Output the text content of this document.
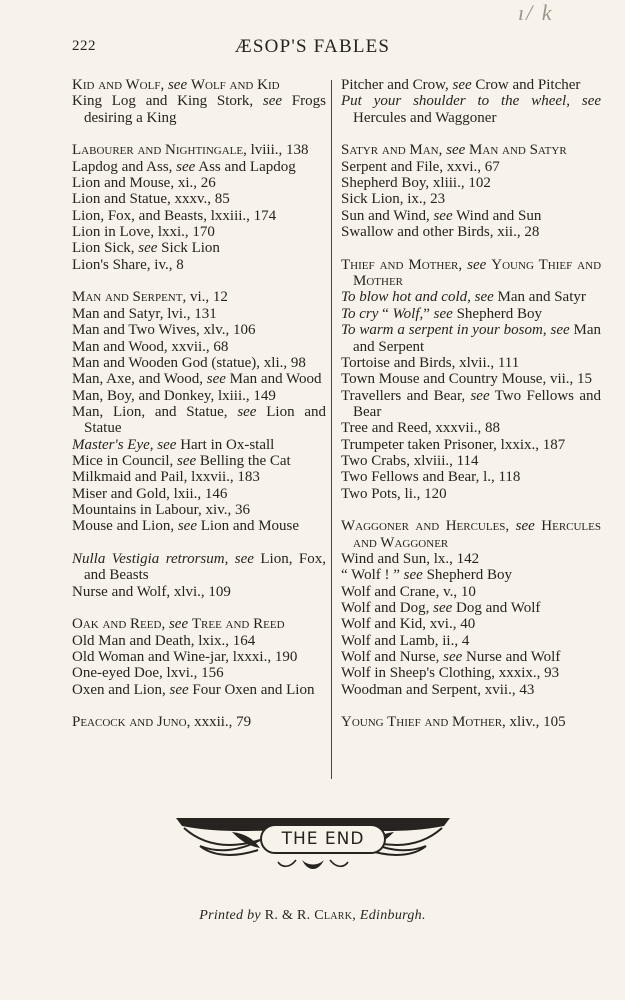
ı/ k
222	ÆSOP'S FABLES
Kid and Wolf, see Wolf and Kid
King Log and King Stork, see Frogs desiring a King
Labourer and Nightingale, lviii., 138
Lapdog and Ass, see Ass and Lapdog
Lion and Mouse, xi., 26
Lion and Statue, xxxv., 85
Lion, Fox, and Beasts, lxxiii., 174
Lion in Love, lxxi., 170
Lion Sick, see Sick Lion
Lion's Share, iv., 8
Man and Serpent, vi., 12
Man and Satyr, lvi., 131
Man and Two Wives, xlv., 106
Man and Wood, xxvii., 68
Man and Wooden God (statue), xli., 98
Man, Axe, and Wood, see Man and Wood
Man, Boy, and Donkey, lxiii., 149
Man, Lion, and Statue, see Lion and Statue
Master's Eye, see Hart in Ox-stall
Mice in Council, see Belling the Cat
Milkmaid and Pail, lxxvii., 183
Miser and Gold, lxii., 146
Mountains in Labour, xiv., 36
Mouse and Lion, see Lion and Mouse
Nulla Vestigia retrorsum, see Lion, Fox, and Beasts
Nurse and Wolf, xlvi., 109
Oak and Reed, see Tree and Reed
Old Man and Death, lxix., 164
Old Woman and Wine-jar, lxxxi., 190
One-eyed Doe, lxvi., 156
Oxen and Lion, see Four Oxen and Lion
Peacock and Juno, xxxii., 79
Pitcher and Crow, see Crow and Pitcher
Put your shoulder to the wheel, see Hercules and Waggoner
Satyr and Man, see Man and Satyr
Serpent and File, xxvi., 67
Shepherd Boy, xliii., 102
Sick Lion, ix., 23
Sun and Wind, see Wind and Sun
Swallow and other Birds, xii., 28
Thief and Mother, see Young Thief and Mother
To blow hot and cold, see Man and Satyr
To cry “ Wolf,” see Shepherd Boy
To warm a serpent in your bosom, see Man and Serpent
Tortoise and Birds, xlvii., 111
Town Mouse and Country Mouse, vii., 15
Travellers and Bear, see Two Fellows and Bear
Tree and Reed, xxxvii., 88
Trumpeter taken Prisoner, lxxix., 187
Two Crabs, xlviii., 114
Two Fellows and Bear, l., 118
Two Pots, li., 120
Waggoner and Hercules, see Hercules and Waggoner
Wind and Sun, lx., 142
“ Wolf ! ” see Shepherd Boy
Wolf and Crane, v., 10
Wolf and Dog, see Dog and Wolf
Wolf and Kid, xvi., 40
Wolf and Lamb, ii., 4
Wolf and Nurse, see Nurse and Wolf
Wolf in Sheep's Clothing, xxxix., 93
Woodman and Serpent, xvii., 43
Young Thief and Mother, xliv., 105
THE END
Printed by R. & R. Clark, Edinburgh.
